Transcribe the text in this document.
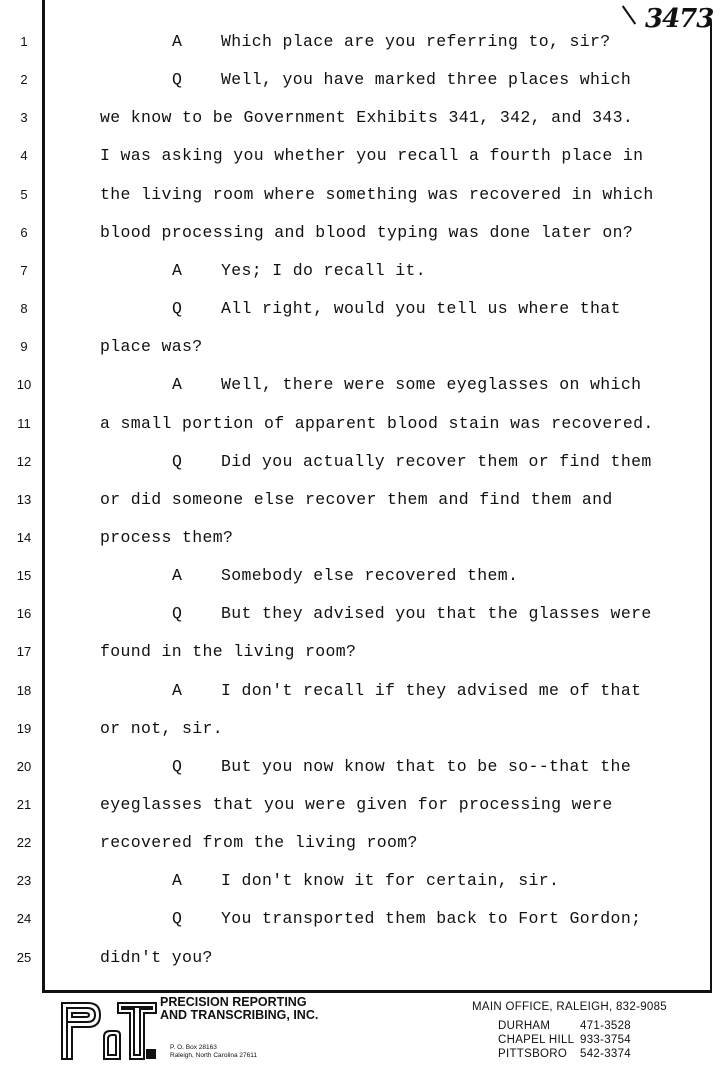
3473
1	A Which place are you referring to, sir?
2	Q Well, you have marked three places which
3	we know to be Government Exhibits 341, 342, and 343.
4	I was asking you whether you recall a fourth place in
5	the living room where something was recovered in which
6	blood processing and blood typing was done later on?
7	A Yes; I do recall it.
8	Q All right, would you tell us where that
9	place was?
10	A Well, there were some eyeglasses on which
11	a small portion of apparent blood stain was recovered.
12	Q Did you actually recover them or find them
13	or did someone else recover them and find them and
14	process them?
15	A Somebody else recovered them.
16	Q But they advised you that the glasses were
17	found in the living room?
18	A I don't recall if they advised me of that
19	or not, sir.
20	Q But you now know that to be so--that the
21	eyeglasses that you were given for processing were
22	recovered from the living room?
23	A I don't know it for certain, sir.
24	Q You transported them back to Fort Gordon;
25	didn't you?
PRECISION REPORTING
AND TRANSCRIBING, INC.
P. O. Box 28163
Raleigh, North Carolina 27611
MAIN OFFICE, RALEIGH, 832-9085
DURHAM	471-3528
CHAPEL HILL 933-3754
PITTSBORO 542-3374
